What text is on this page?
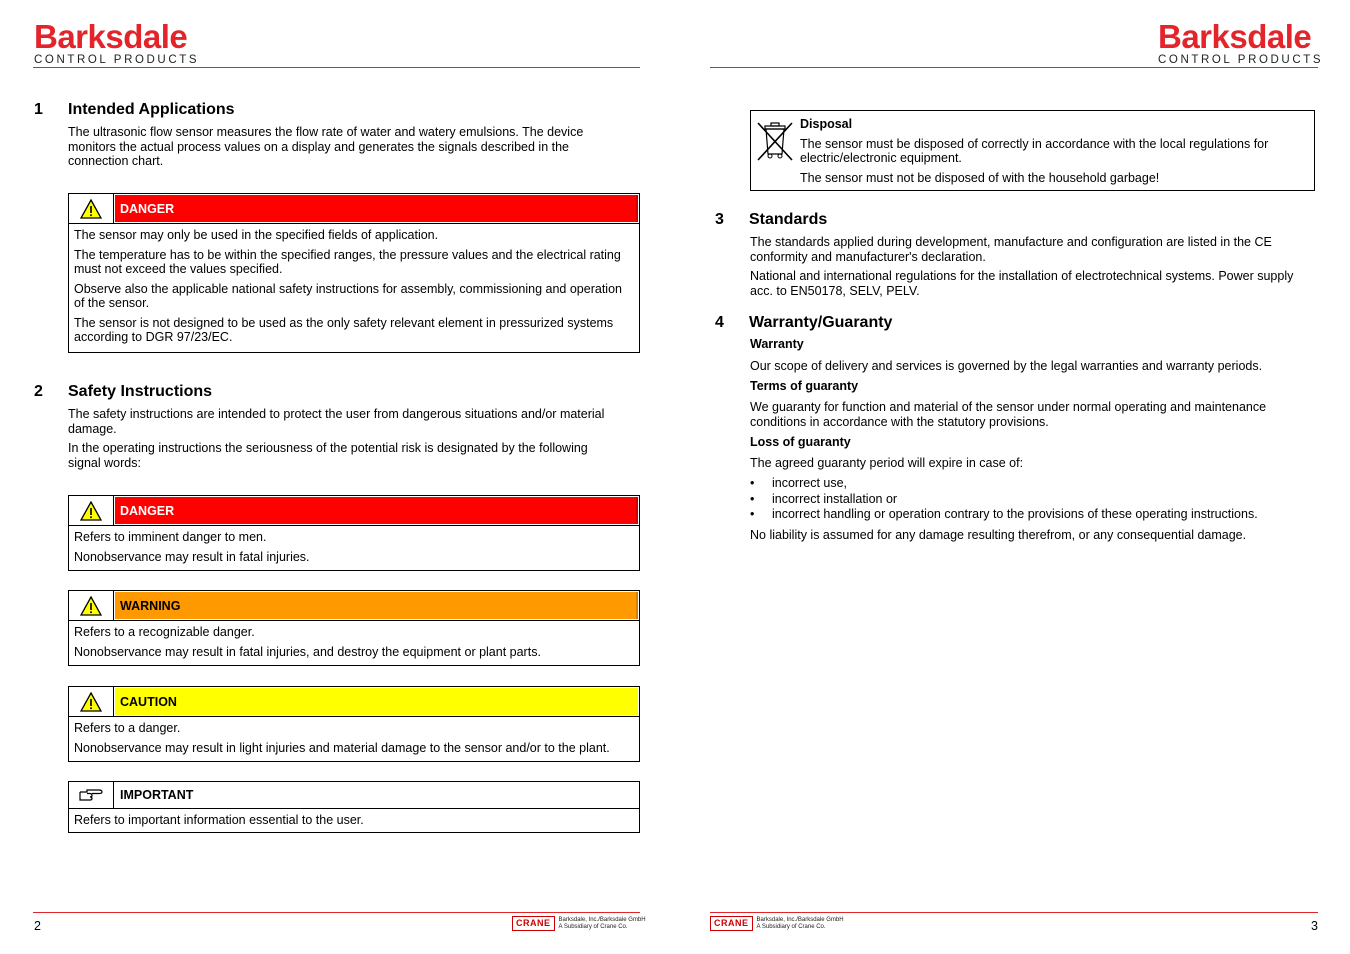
Barksdale
CONTROL PRODUCTS
1 Intended Applications
The ultrasonic flow sensor measures the flow rate of water and watery emulsions. The device monitors the actual process values on a display and generates the signals described in the connection chart.
DANGER

The sensor may only be used in the specified fields of application.

The temperature has to be within the specified ranges, the pressure values and the electrical rating must not exceed the values specified.

Observe also the applicable national safety instructions for assembly, commissioning and operation of the sensor.

The sensor is not designed to be used as the only safety relevant element in pressurized systems according to DGR 97/23/EC.

2 Safety Instructions
The safety instructions are intended to protect the user from dangerous situations and/or material damage.
In the operating instructions the seriousness of the potential risk is designated by the following signal words:
DANGER

Refers to imminent danger to men.

Nonobservance may result in fatal injuries.

WARNING

Refers to a recognizable danger.

Nonobservance may result in fatal injuries, and destroy the equipment or plant parts.

CAUTION

Refers to a danger.

Nonobservance may result in light injuries and material damage to the sensor and/or to the plant.

IMPORTANT

Refers to important information essential to the user.

2	CRANE	Barksdale, Inc./Barksdale GmbH
A Subsidiary of Crane Co.
Barksdale
CONTROL PRODUCTS
Disposal
The sensor must be disposed of correctly in accordance with the local regulations for electric/electronic equipment.
The sensor must not be disposed of with the household garbage!
3 Standards
The standards applied during development, manufacture and configuration are listed in the CE conformity and manufacturer's declaration.
National and international regulations for the installation of electrotechnical systems. Power supply acc. to EN50178, SELV, PELV.
4 Warranty/Guaranty
Warranty
Our scope of delivery and services is governed by the legal warranties and warranty periods.
Terms of guaranty
We guaranty for function and material of the sensor under normal operating and maintenance conditions in accordance with the statutory provisions.
Loss of guaranty
The agreed guaranty period will expire in case of:
•	incorrect use,
•	incorrect installation or
•	incorrect handling or operation contrary to the provisions of these operating instructions.
No liability is assumed for any damage resulting therefrom, or any consequential damage.
CRANE	Barksdale, Inc./Barksdale GmbH
A Subsidiary of Crane Co.	3
